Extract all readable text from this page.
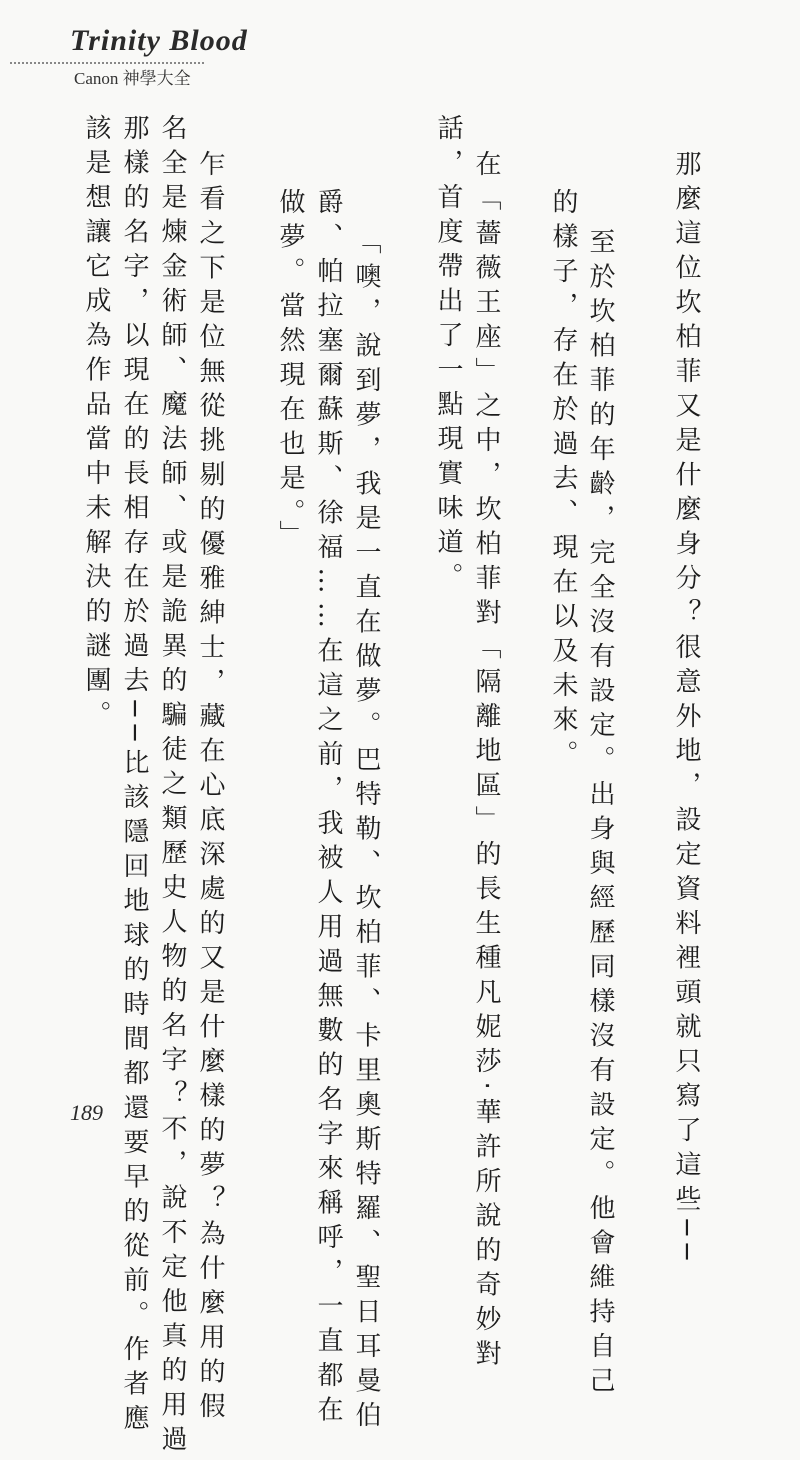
Trinity Blood
Canon 神學大全
那麼這位坎柏菲又是什麼身分？很意外地，設定資料裡頭就只寫了這些──
至於坎柏菲的年齡，完全沒有設定。出身與經歷同樣沒有設定。他會維持自己
的樣子，存在於過去、現在以及未來。
在「薔薇王座」之中，坎柏菲對「隔離地區」的長生種凡妮莎‧華許所說的奇妙對
話，首度帶出了一點現實味道。
「噢，說到夢，我是一直在做夢。巴特勒、坎柏菲、卡里奧斯特羅、聖日耳曼伯
爵、帕拉塞爾蘇斯、徐福……在這之前，我被人用過無數的名字來稱呼，一直都在
做夢。當然現在也是。」
乍看之下是位無從挑剔的優雅紳士，藏在心底深處的又是什麼樣的夢？為什麼用的假
名全是煉金術師、魔法師、或是詭異的騙徒之類歷史人物的名字？不，說不定他真的用過
那樣的名字，以現在的長相存在於過去──比該隱回地球的時間都還要早的從前。作者應
該是想讓它成為作品當中未解決的謎團。
189
